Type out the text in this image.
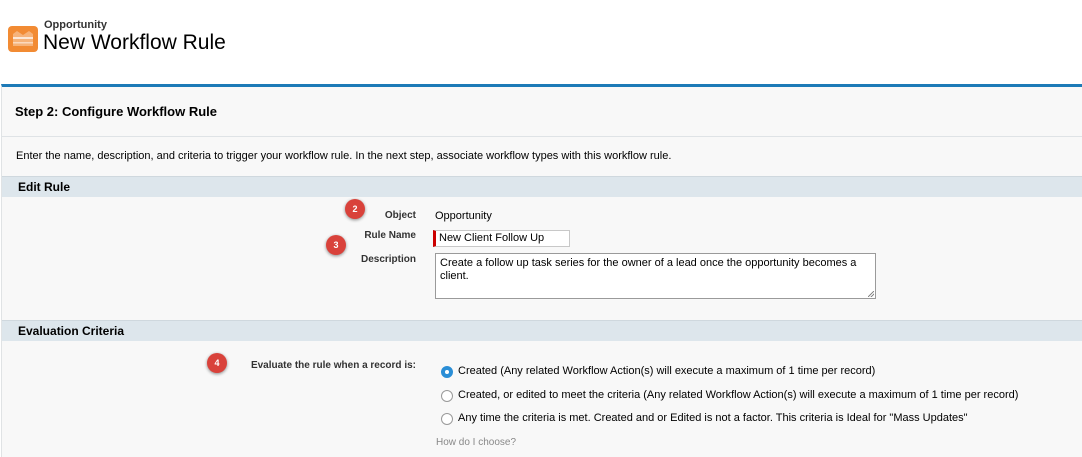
Opportunity
New Workflow Rule
Step 2: Configure Workflow Rule
Enter the name, description, and criteria to trigger your workflow rule. In the next step, associate workflow types with this workflow rule.
Edit Rule
2
Object Opportunity
3
Rule Name	New Client Follow Up
Description	Create a follow up task series for the owner of a lead once the opportunity becomes a client.
Evaluation Criteria
4	Evaluate the rule when a record is:	Created (Any related Workflow Action(s) will execute a maximum of 1 time per record)
Created, or edited to meet the criteria (Any related Workflow Action(s) will execute a maximum of 1 time per record)
Any time the criteria is met. Created and or Edited is not a factor. This criteria is Ideal for "Mass Updates"
How do I choose?
